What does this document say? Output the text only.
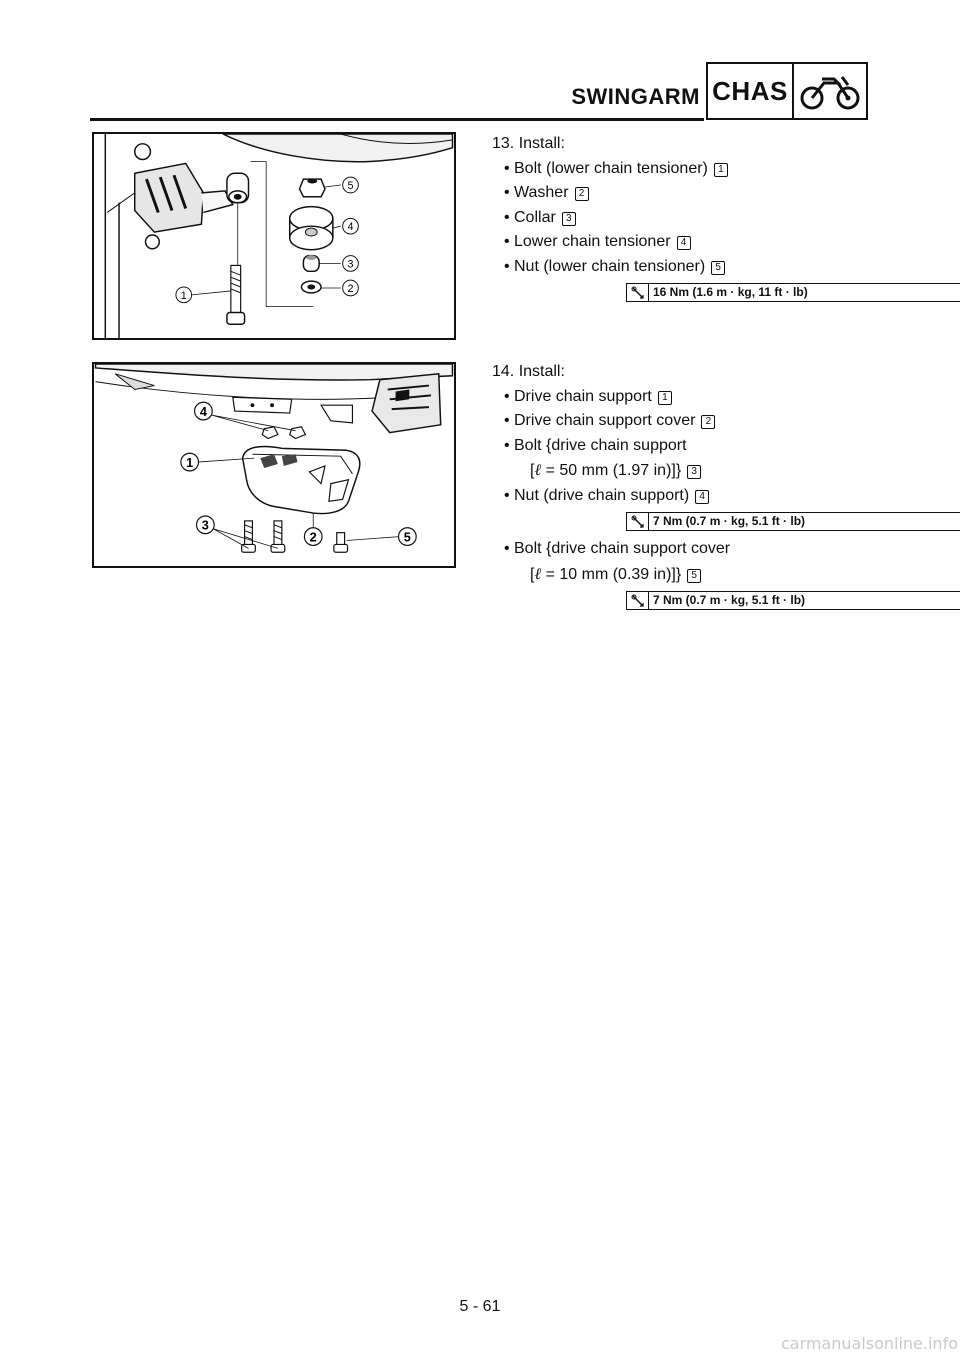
SWINGARM CHAS
5
4
3
2
1
4
1
3
2	5
13. Install:
• Bolt (lower chain tensioner) 1
• Washer 2
• Collar 3
• Lower chain tensioner 4
• Nut (lower chain tensioner) 5
16 Nm (1.6 m · kg, 11 ft · lb)
14. Install:
• Drive chain support 1
• Drive chain support cover 2
• Bolt {drive chain support
[ℓ = 50 mm (1.97 in)]} 3
• Nut (drive chain support) 4
7 Nm (0.7 m · kg, 5.1 ft · lb)
• Bolt {drive chain support cover
[ℓ = 10 mm (0.39 in)]} 5
7 Nm (0.7 m · kg, 5.1 ft · lb)
5 - 61
carmanualsonline.info
